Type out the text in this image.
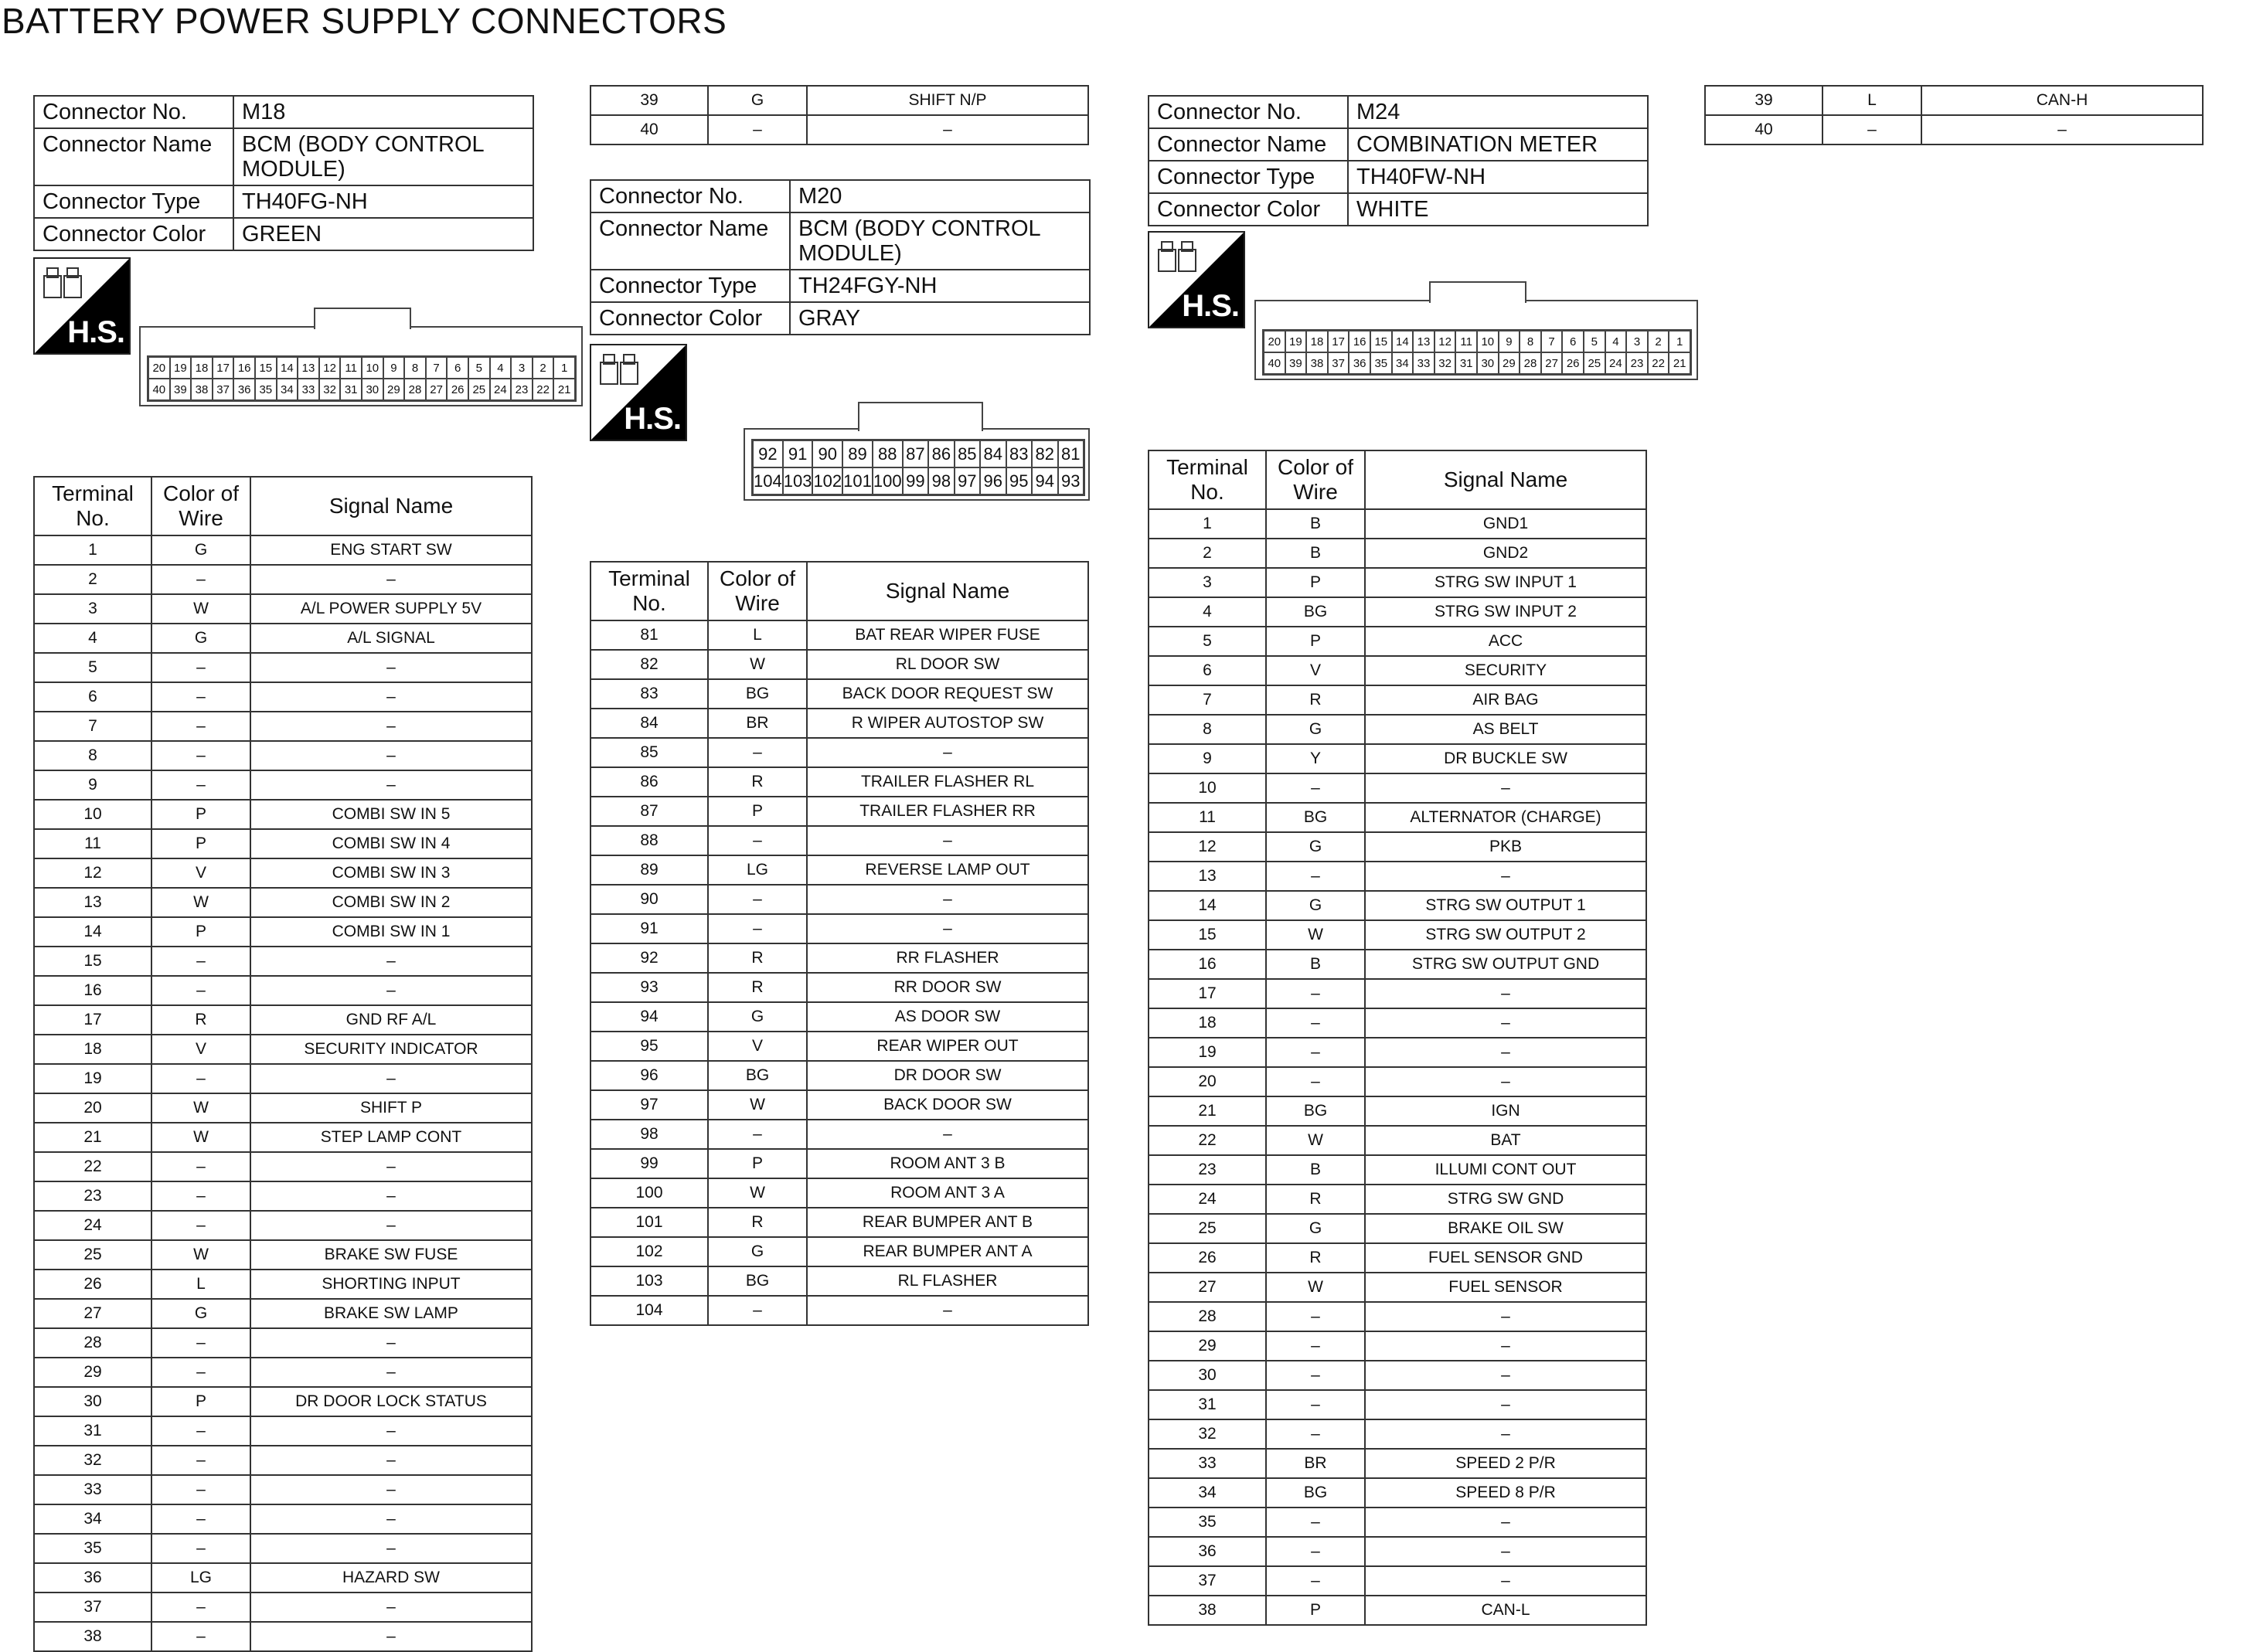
BATTERY POWER SUPPLY CONNECTORS
Connector No.	M18
Connector Name	BCM (BODY CONTROL MODULE)
Connector Type	TH40FG-NH
Connector Color	GREEN
H.S.
20 19 18 17 16 15 14 13 12 11 10	9	8	7	6	5	4	3	2	1
40 39 38 37 36 35 34 33 32 31 30 29 28 27 26 25 24 23 22 21
Terminal No.	Color of Wire	Signal Name
1	G	ENG START SW
2	–	–
3	W	A/L POWER SUPPLY 5V
4	G	A/L SIGNAL
5	–	–
6	–	–
7	–	–
8	–	–
9	–	–
10	P	COMBI SW IN 5
11	P	COMBI SW IN 4
12	V	COMBI SW IN 3
13	W	COMBI SW IN 2
14	P	COMBI SW IN 1
15	–	–
16	–	–
17	R	GND RF A/L
18	V	SECURITY INDICATOR
19	–	–
20	W	SHIFT P
21	W	STEP LAMP CONT
22	–	–
23	–	–
24	–	–
25	W	BRAKE SW FUSE
26	L	SHORTING INPUT
27	G	BRAKE SW LAMP
28	–	–
29	–	–
30	P	DR DOOR LOCK STATUS
31	–	–
32	–	–
33	–	–
34	–	–
35	–	–
36	LG	HAZARD SW
37	–	–
38	–	–
39	G	SHIFT N/P
40	–	–
Connector No.	M20
Connector Name	BCM (BODY CONTROL MODULE)
Connector Type	TH24FGY-NH
Connector Color	GRAY
H.S.
92 91 90 89 88 87 86 85 84 83 82 81
104 103 102 101 100 99 98 97 96 95 94 93
Terminal No.	Color of Wire	Signal Name
81	L	BAT REAR WIPER FUSE
82	W	RL DOOR SW
83	BG	BACK DOOR REQUEST SW
84	BR	R WIPER AUTOSTOP SW
85	–	–
86	R	TRAILER FLASHER RL
87	P	TRAILER FLASHER RR
88	–	–
89	LG	REVERSE LAMP OUT
90	–	–
91	–	–
92	R	RR FLASHER
93	R	RR DOOR SW
94	G	AS DOOR SW
95	V	REAR WIPER OUT
96	BG	DR DOOR SW
97	W	BACK DOOR SW
98	–	–
99	P	ROOM ANT 3 B
100	W	ROOM ANT 3 A
101	R	REAR BUMPER ANT B
102	G	REAR BUMPER ANT A
103	BG	RL FLASHER
104	–	–
Connector No.	M24
Connector Name	COMBINATION METER
Connector Type	TH40FW-NH
Connector Color	WHITE
H.S.
20 19 18 17 16 15 14 13 12 11 10	9	8	7	6	5	4	3	2	1
40 39 38 37 36 35 34 33 32 31 30 29 28 27 26 25 24 23 22 21
Terminal No.	Color of Wire	Signal Name
1	B	GND1
2	B	GND2
3	P	STRG SW INPUT 1
4	BG	STRG SW INPUT 2
5	P	ACC
6	V	SECURITY
7	R	AIR BAG
8	G	AS BELT
9	Y	DR BUCKLE SW
10	–	–
11	BG	ALTERNATOR (CHARGE)
12	G	PKB
13	–	–
14	G	STRG SW OUTPUT 1
15	W	STRG SW OUTPUT 2
16	B	STRG SW OUTPUT GND
17	–	–
18	–	–
19	–	–
20	–	–
21	BG	IGN
22	W	BAT
23	B	ILLUMI CONT OUT
24	R	STRG SW GND
25	G	BRAKE OIL SW
26	R	FUEL SENSOR GND
27	W	FUEL SENSOR
28	–	–
29	–	–
30	–	–
31	–	–
32	–	–
33	BR	SPEED 2 P/R
34	BG	SPEED 8 P/R
35	–	–
36	–	–
37	–	–
38	P	CAN-L
39	L	CAN-H
40	–	–
